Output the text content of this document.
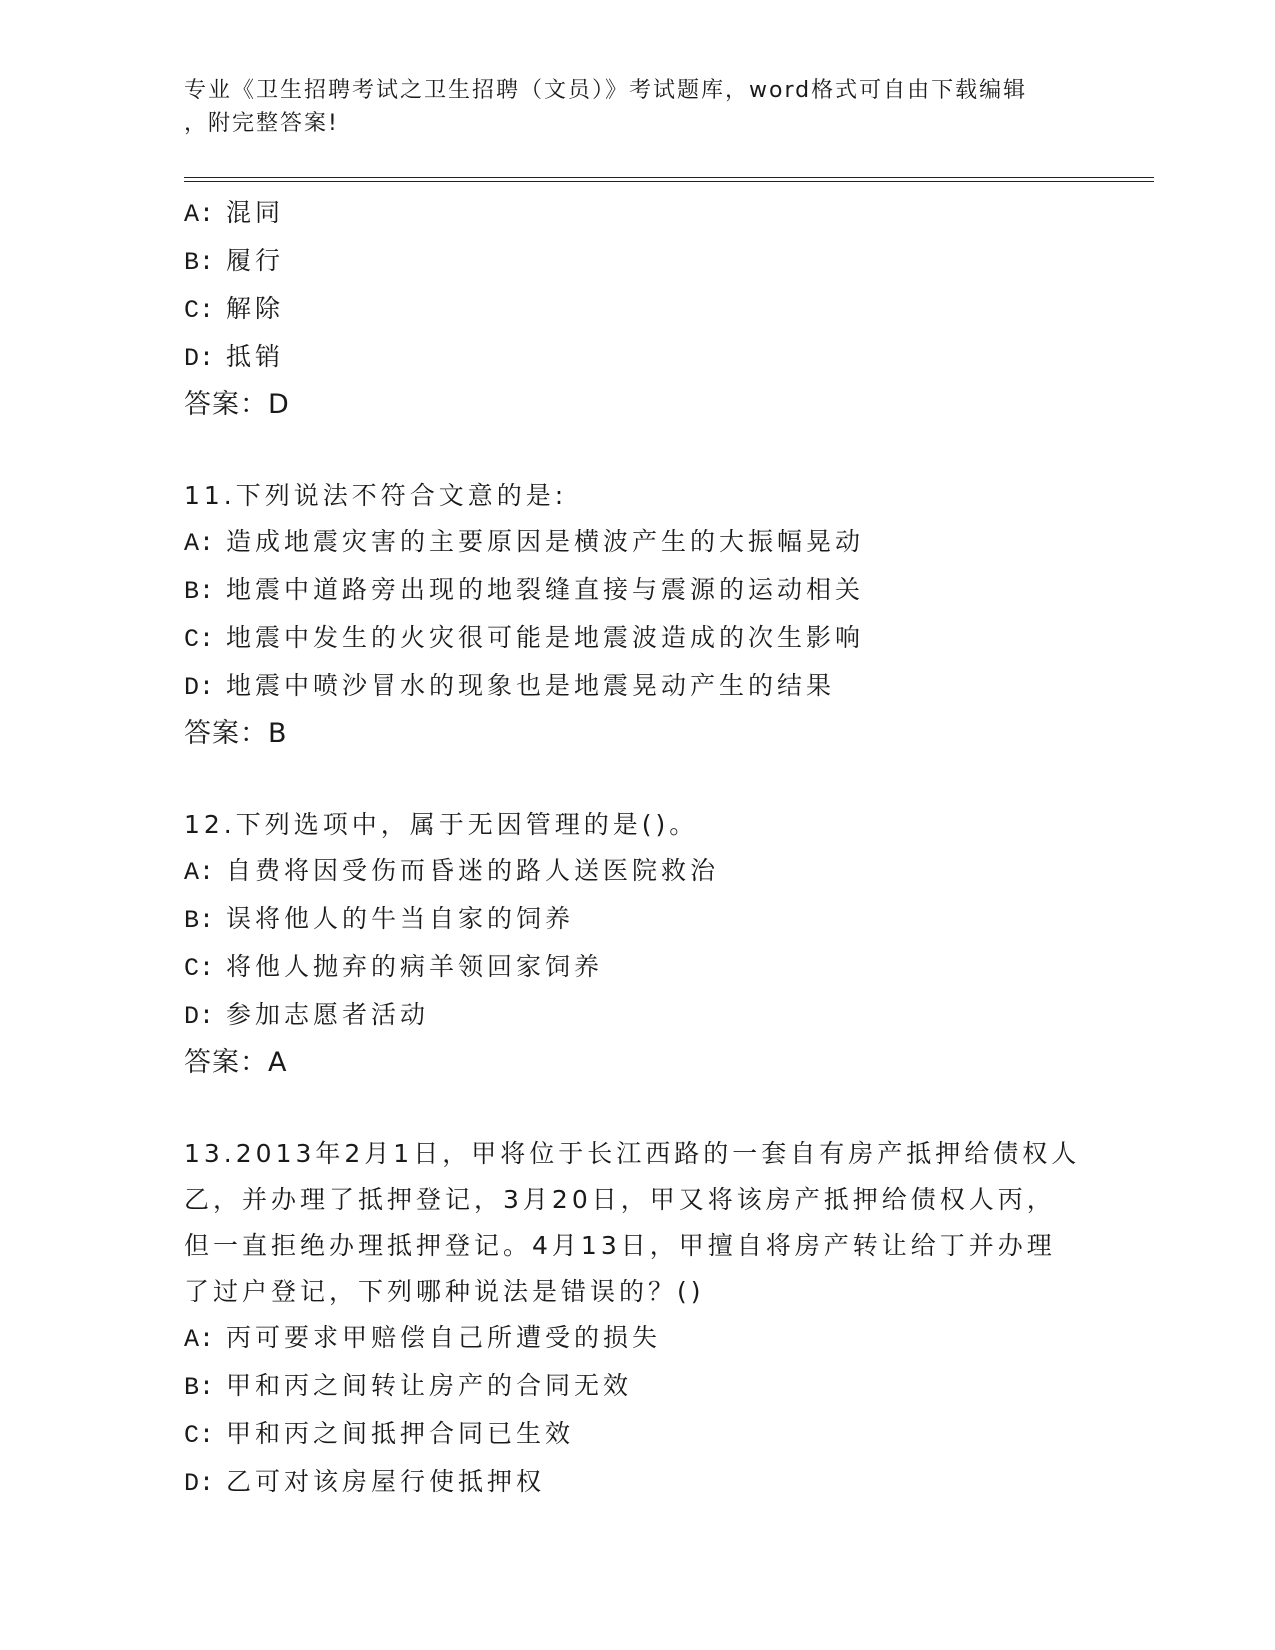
专业《卫生招聘考试之卫生招聘（文员）》考试题库，word格式可自由下载编辑
，附完整答案!
A: 混同
B: 履行
C: 解除
D: 抵销
答案：D
11.下列说法不符合文意的是:
A: 造成地震灾害的主要原因是横波产生的大振幅晃动
B: 地震中道路旁出现的地裂缝直接与震源的运动相关
C: 地震中发生的火灾很可能是地震波造成的次生影响
D: 地震中喷沙冒水的现象也是地震晃动产生的结果
答案：B
12.下列选项中，属于无因管理的是()。
A: 自费将因受伤而昏迷的路人送医院救治
B: 误将他人的牛当自家的饲养
C: 将他人抛弃的病羊领回家饲养
D: 参加志愿者活动
答案：A
13.2013年2月1日，甲将位于长江西路的一套自有房产抵押给债权人
乙，并办理了抵押登记，3月20日，甲又将该房产抵押给债权人丙，
但一直拒绝办理抵押登记。4月13日，甲擅自将房产转让给丁并办理
了过户登记，下列哪种说法是错误的？()
A: 丙可要求甲赔偿自己所遭受的损失
B: 甲和丙之间转让房产的合同无效
C: 甲和丙之间抵押合同已生效
D: 乙可对该房屋行使抵押权
